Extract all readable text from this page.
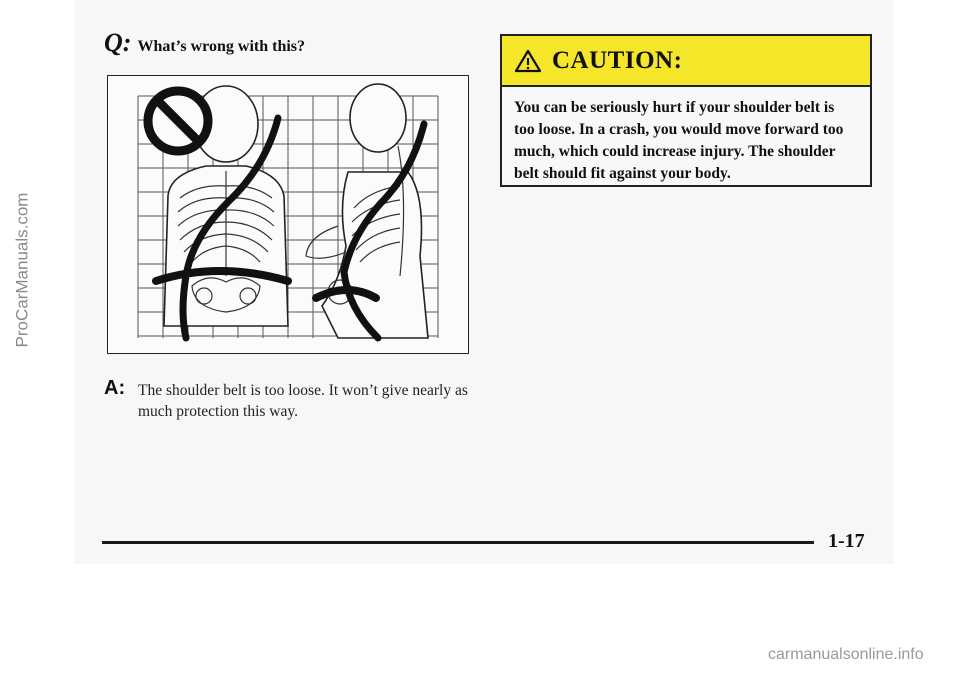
Q: What’s wrong with this?
ProCarManuals.com
A: The shoulder belt is too loose. It won’t give nearly as much protection this way.
CAUTION:
You can be seriously hurt if your shoulder belt is too loose. In a crash, you would move forward too much, which could increase injury. The shoulder belt should fit against your body.
1-17
carmanualsonline.info
